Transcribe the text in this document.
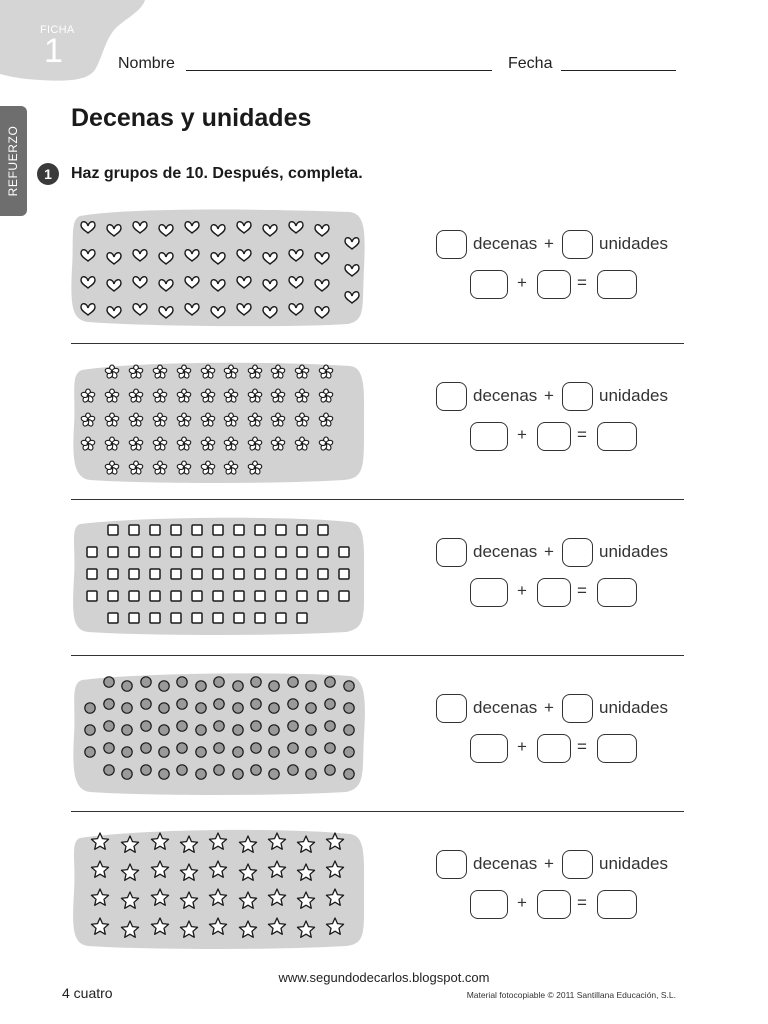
FICHA
1	Nombre	Fecha
REFUERZO
Decenas y unidades
1	Haz grupos de 10. Después, completa.
decenas +	unidades
+	=
decenas +	unidades
+	=
decenas +	unidades
+	=
decenas +	unidades
+	=
decenas +	unidades
+	=
www.segundodecarlos.blogspot.com
4 cuatro	Material fotocopiable © 2011 Santillana Educación, S.L.
